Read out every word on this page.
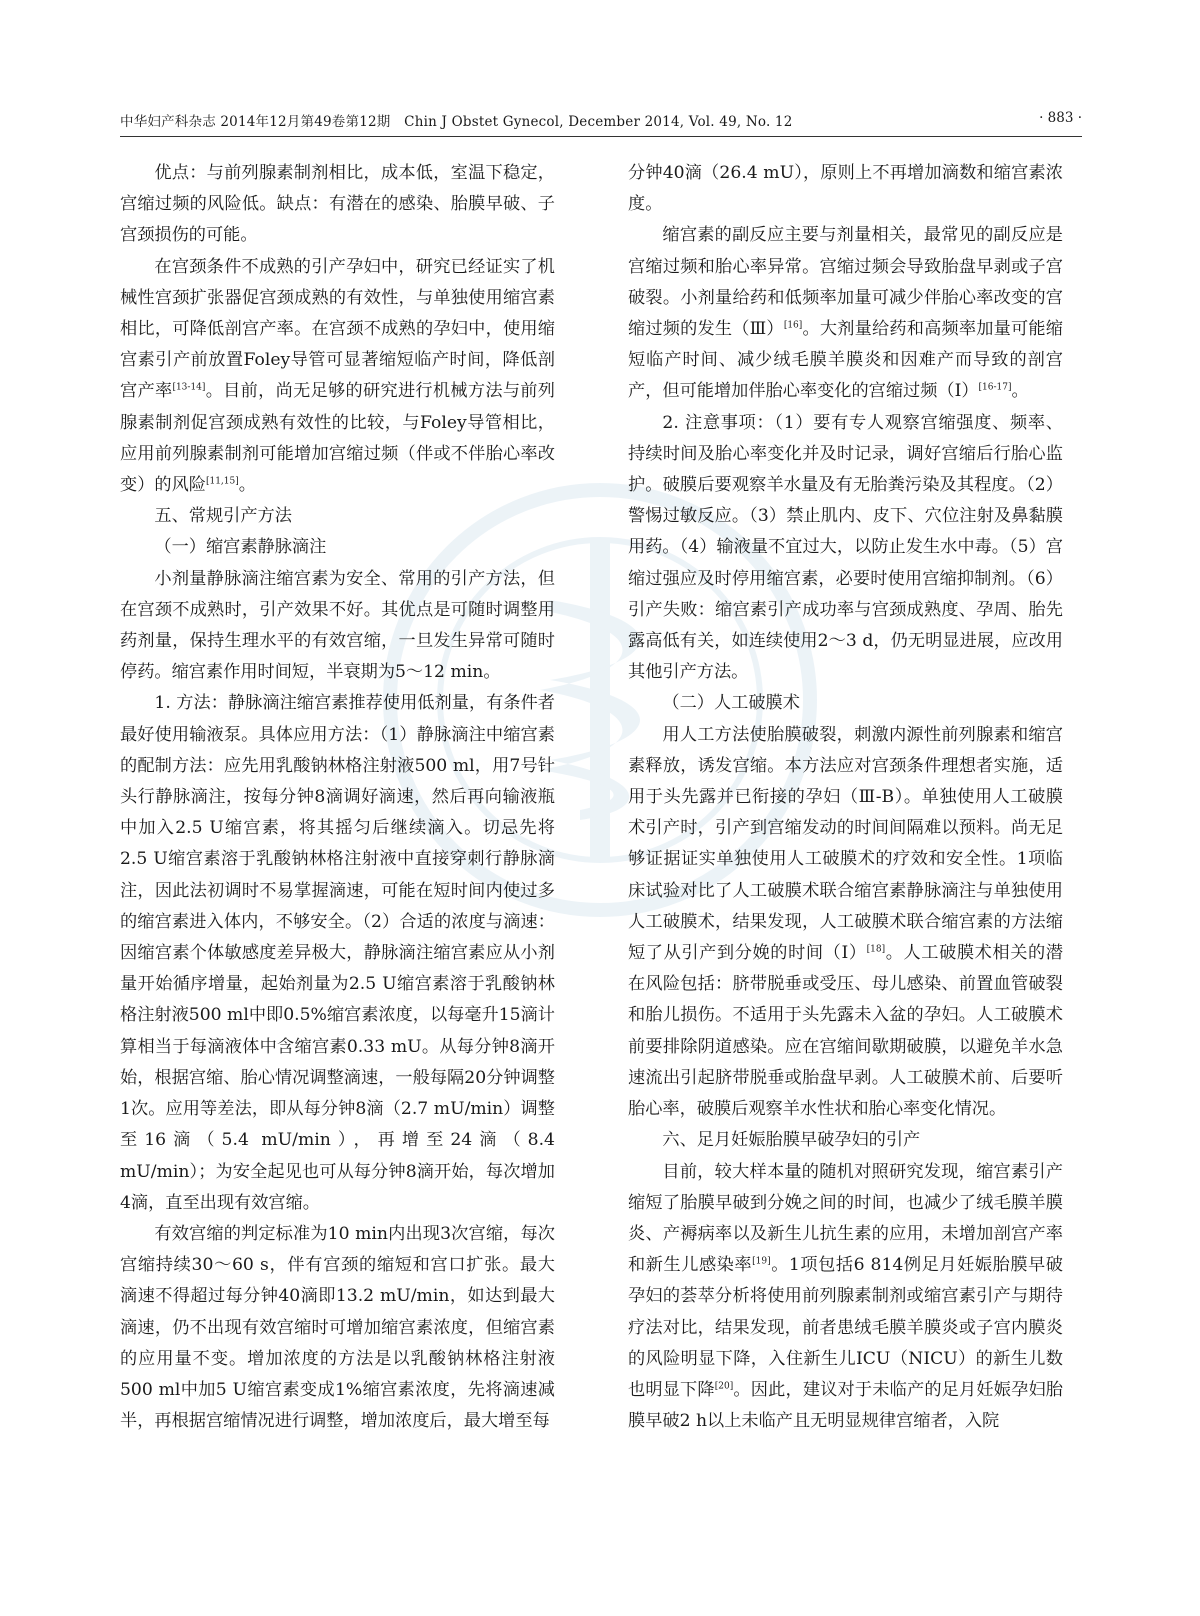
中华妇产科杂志 2014年12月第49卷第12期　Chin J Obstet Gynecol, December 2014, Vol. 49, No. 12	· 883 ·

优点：与前列腺素制剂相比，成本低，室温下稳定，宫缩过频的风险低。缺点：有潜在的感染、胎膜早破、子宫颈损伤的可能。

在宫颈条件不成熟的引产孕妇中，研究已经证实了机械性宫颈扩张器促宫颈成熟的有效性，与单独使用缩宫素相比，可降低剖宫产率。在宫颈不成熟的孕妇中，使用缩宫素引产前放置Foley导管可显著缩短临产时间，降低剖宫产率[13-14]。目前，尚无足够的研究进行机械方法与前列腺素制剂促宫颈成熟有效性的比较，与Foley导管相比，应用前列腺素制剂可能增加宫缩过频（伴或不伴胎心率改变）的风险[11,15]。

五、常规引产方法

（一）缩宫素静脉滴注

小剂量静脉滴注缩宫素为安全、常用的引产方法，但在宫颈不成熟时，引产效果不好。其优点是可随时调整用药剂量，保持生理水平的有效宫缩，一旦发生异常可随时停药。缩宫素作用时间短，半衰期为5～12 min。

1. 方法：静脉滴注缩宫素推荐使用低剂量，有条件者最好使用输液泵。具体应用方法：（1）静脉滴注中缩宫素的配制方法：应先用乳酸钠林格注射液500 ml，用7号针头行静脉滴注，按每分钟8滴调好滴速，然后再向输液瓶中加入2.5 U缩宫素，将其摇匀后继续滴入。切忌先将2.5 U缩宫素溶于乳酸钠林格注射液中直接穿刺行静脉滴注，因此法初调时不易掌握滴速，可能在短时间内使过多的缩宫素进入体内，不够安全。（2）合适的浓度与滴速：因缩宫素个体敏感度差异极大，静脉滴注缩宫素应从小剂量开始循序增量，起始剂量为2.5 U缩宫素溶于乳酸钠林格注射液500 ml中即0.5%缩宫素浓度，以每毫升15滴计算相当于每滴液体中含缩宫素0.33 mU。从每分钟8滴开始，根据宫缩、胎心情况调整滴速，一般每隔20分钟调整1次。应用等差法，即从每分钟8滴（2.7 mU/min）调整至16滴（5.4 mU/min），再增至24滴（8.4 mU/min）；为安全起见也可从每分钟8滴开始，每次增加4滴，直至出现有效宫缩。

有效宫缩的判定标准为10 min内出现3次宫缩，每次宫缩持续30～60 s，伴有宫颈的缩短和宫口扩张。最大滴速不得超过每分钟40滴即13.2 mU/min，如达到最大滴速，仍不出现有效宫缩时可增加缩宫素浓度，但缩宫素的应用量不变。增加浓度的方法是以乳酸钠林格注射液500 ml中加5 U缩宫素变成1%缩宫素浓度，先将滴速减半，再根据宫缩情况进行调整，增加浓度后，最大增至每

分钟40滴（26.4 mU），原则上不再增加滴数和缩宫素浓度。

缩宫素的副反应主要与剂量相关，最常见的副反应是宫缩过频和胎心率异常。宫缩过频会导致胎盘早剥或子宫破裂。小剂量给药和低频率加量可减少伴胎心率改变的宫缩过频的发生（Ⅲ）[16]。大剂量给药和高频率加量可能缩短临产时间、减少绒毛膜羊膜炎和因难产而导致的剖宫产，但可能增加伴胎心率变化的宫缩过频（Ⅰ）[16-17]。

2. 注意事项：（1）要有专人观察宫缩强度、频率、持续时间及胎心率变化并及时记录，调好宫缩后行胎心监护。破膜后要观察羊水量及有无胎粪污染及其程度。（2）警惕过敏反应。（3）禁止肌内、皮下、穴位注射及鼻黏膜用药。（4）输液量不宜过大，以防止发生水中毒。（5）宫缩过强应及时停用缩宫素，必要时使用宫缩抑制剂。（6）引产失败：缩宫素引产成功率与宫颈成熟度、孕周、胎先露高低有关，如连续使用2～3 d，仍无明显进展，应改用其他引产方法。

（二）人工破膜术

用人工方法使胎膜破裂，刺激内源性前列腺素和缩宫素释放，诱发宫缩。本方法应对宫颈条件理想者实施，适用于头先露并已衔接的孕妇（Ⅲ-B）。单独使用人工破膜术引产时，引产到宫缩发动的时间间隔难以预料。尚无足够证据证实单独使用人工破膜术的疗效和安全性。1项临床试验对比了人工破膜术联合缩宫素静脉滴注与单独使用人工破膜术，结果发现，人工破膜术联合缩宫素的方法缩短了从引产到分娩的时间（Ⅰ）[18]。人工破膜术相关的潜在风险包括：脐带脱垂或受压、母儿感染、前置血管破裂和胎儿损伤。不适用于头先露未入盆的孕妇。人工破膜术前要排除阴道感染。应在宫缩间歇期破膜，以避免羊水急速流出引起脐带脱垂或胎盘早剥。人工破膜术前、后要听胎心率，破膜后观察羊水性状和胎心率变化情况。

六、足月妊娠胎膜早破孕妇的引产

目前，较大样本量的随机对照研究发现，缩宫素引产缩短了胎膜早破到分娩之间的时间，也减少了绒毛膜羊膜炎、产褥病率以及新生儿抗生素的应用，未增加剖宫产率和新生儿感染率[19]。1项包括6 814例足月妊娠胎膜早破孕妇的荟萃分析将使用前列腺素制剂或缩宫素引产与期待疗法对比，结果发现，前者患绒毛膜羊膜炎或子宫内膜炎的风险明显下降，入住新生儿ICU（NICU）的新生儿数也明显下降[20]。因此，建议对于未临产的足月妊娠孕妇胎膜早破2 h以上未临产且无明显规律宫缩者，入院
